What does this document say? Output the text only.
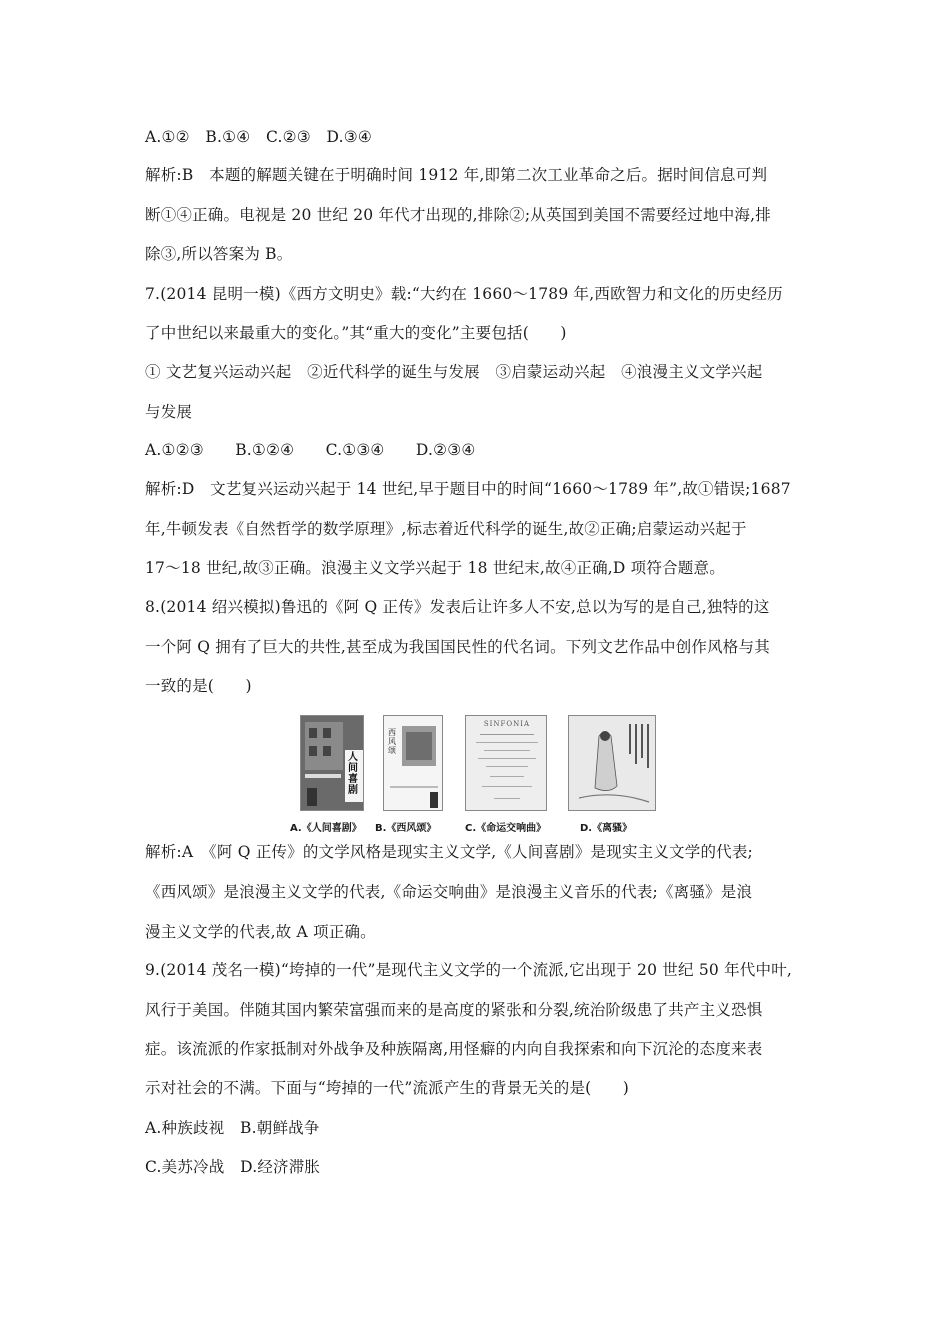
A.①②　B.①④　C.②③　D.③④
解析:B　本题的解题关键在于明确时间 1912 年,即第二次工业革命之后。据时间信息可判
断①④正确。电视是 20 世纪 20 年代才出现的,排除②;从英国到美国不需要经过地中海,排
除③,所以答案为 B。
7.(2014 昆明一模)《西方文明史》载:“大约在 1660～1789 年,西欧智力和文化的历史经历
了中世纪以来最重大的变化。”其“重大的变化”主要包括(　　)
① 文艺复兴运动兴起　②近代科学的诞生与发展　③启蒙运动兴起　④浪漫主义文学兴起
与发展
A.①②③　　B.①②④　　C.①③④　　D.②③④
解析:D　文艺复兴运动兴起于 14 世纪,早于题目中的时间“1660～1789 年”,故①错误;1687
年,牛顿发表《自然哲学的数学原理》,标志着近代科学的诞生,故②正确;启蒙运动兴起于
17～18 世纪,故③正确。浪漫主义文学兴起于 18 世纪末,故④正确,D 项符合题意。
8.(2014 绍兴模拟)鲁迅的《阿 Q 正传》发表后让许多人不安,总以为写的是自己,独特的这
一个阿 Q 拥有了巨大的共性,甚至成为我国国民性的代名词。下列文艺作品中创作风格与其
一致的是(　　)
人间喜剧
西风颂
SINFONIA
A.《人间喜剧》 B.《西风颂》	C.《命运交响曲》	D.《离骚》
解析:A　《阿 Q 正传》的文学风格是现实主义文学,《人间喜剧》是现实主义文学的代表;
《西风颂》是浪漫主义文学的代表,《命运交响曲》是浪漫主义音乐的代表;《离骚》是浪
漫主义文学的代表,故 A 项正确。
9.(2014 茂名一模)“垮掉的一代”是现代主义文学的一个流派,它出现于 20 世纪 50 年代中叶,
风行于美国。伴随其国内繁荣富强而来的是高度的紧张和分裂,统治阶级患了共产主义恐惧
症。该流派的作家抵制对外战争及种族隔离,用怪癖的内向自我探索和向下沉沦的态度来表
示对社会的不满。下面与“垮掉的一代”流派产生的背景无关的是(　　)
A.种族歧视　B.朝鲜战争
C.美苏冷战　D.经济滞胀
